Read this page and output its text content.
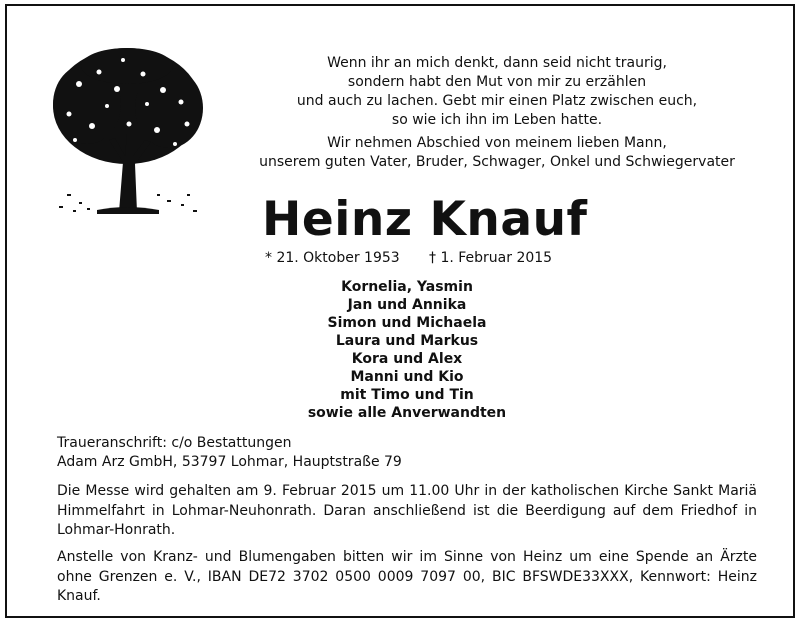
Wenn ihr an mich denkt, dann seid nicht traurig,

sondern habt den Mut von mir zu erzählen

und auch zu lachen. Gebt mir einen Platz zwischen euch,

so wie ich ihn im Leben hatte.

Wir nehmen Abschied von meinem lieben Mann,

unserem guten Vater, Bruder, Schwager, Onkel und Schwiegervater

Heinz Knauf
* 21. Oktober 1953 † 1. Februar 2015
Kornelia, Yasmin
Jan und Annika
Simon und Michaela
Laura und Markus
Kora und Alex
Manni und Kio
mit Timo und Tin
sowie alle Anverwandten
Traueranschrift: c/o Bestattungen
Adam Arz GmbH, 53797 Lohmar, Hauptstraße 79

Die Messe wird gehalten am 9. Februar 2015 um 11.00 Uhr in der katholischen Kirche Sankt Mariä Himmelfahrt in Lohmar-Neuhonrath. Daran anschließend ist die Beerdigung auf dem Friedhof in Lohmar-Honrath.

Anstelle von Kranz- und Blumengaben bitten wir im Sinne von Heinz um eine Spende an Ärzte ohne Grenzen e. V., IBAN DE72 3702 0500 0009 7097 00, BIC BFSWDE33XXX, Kennwort: Heinz Knauf.
